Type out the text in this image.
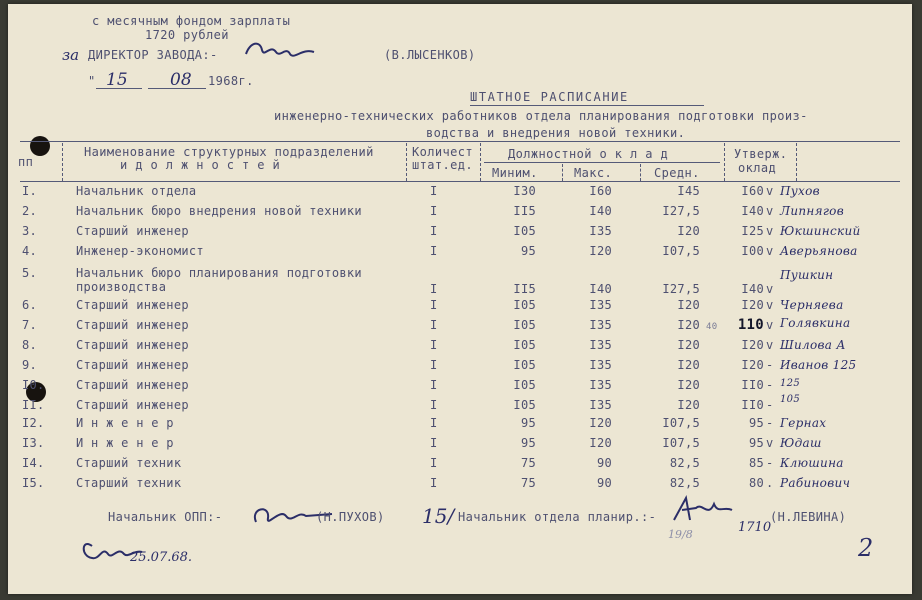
с месячным фондом зарплаты
1720 рублей
за ДИРЕКТОР ЗАВОДА:-	(В.ЛЫСЕНКОВ)
" 15 08 1968г.
ШТАТНОЕ РАСПИСАНИЕ
инженерно-технических работников отдела планирования подготовки произ-
водства и внедрения новой техники.
пп
Наименование структурных подразделений
и д о л ж н о с т е й
Количест
штат.ед.
Должностной о к л а д
Миним.	Макс.	Средн.
Утверж.
оклад
I.	Начальник отдела	I	I30	I60	I45	I60 v Пухов
2.	Начальник бюро внедрения новой техники	I	II5	I40	I27,5	I40 v Липнягов
3.	Старший инженер	I	I05	I35	I20	I25 v Юкшинский
4.	Инженер-экономист	I	95	I20	I07,5	I00 v Аверьянова
5.	Начальник бюро планирования подготовки
производства	I	II5	I40	I27,5	I40 v
Пушкин
6.	Старший инженер	I	I05	I35	I20	I20 v Черняева
7.	Старший инженер	I	I05	I35	I20 40	110 v Голявкина
8.	Старший инженер	I	I05	I35	I20	I20 v Шилова А
9.	Старший инженер	I	I05	I35	I20	I20 - Иванов 125
I0.	Старший инженер	I	I05	I35	I20	II0 - 125
II.	Старший инженер	I	I05	I35	I20	II0 - 105
I2.	И н ж е н е р	I	95	I20	I07,5	95 - Гернах
I3.	И н ж е н е р	I	95	I20	I07,5	95 v Юдаш
I4.	Старший техник	I	75	90	82,5	85 - Клюшина
I5.	Старший техник	I	75	90	82,5	80 . Рабинович
Начальник ОПП:-	(Н.ПУХОВ) 15/ Начальник отдела планир.:-
1710
19/8
(Н.ЛЕВИНА)
2
25.07.68.
